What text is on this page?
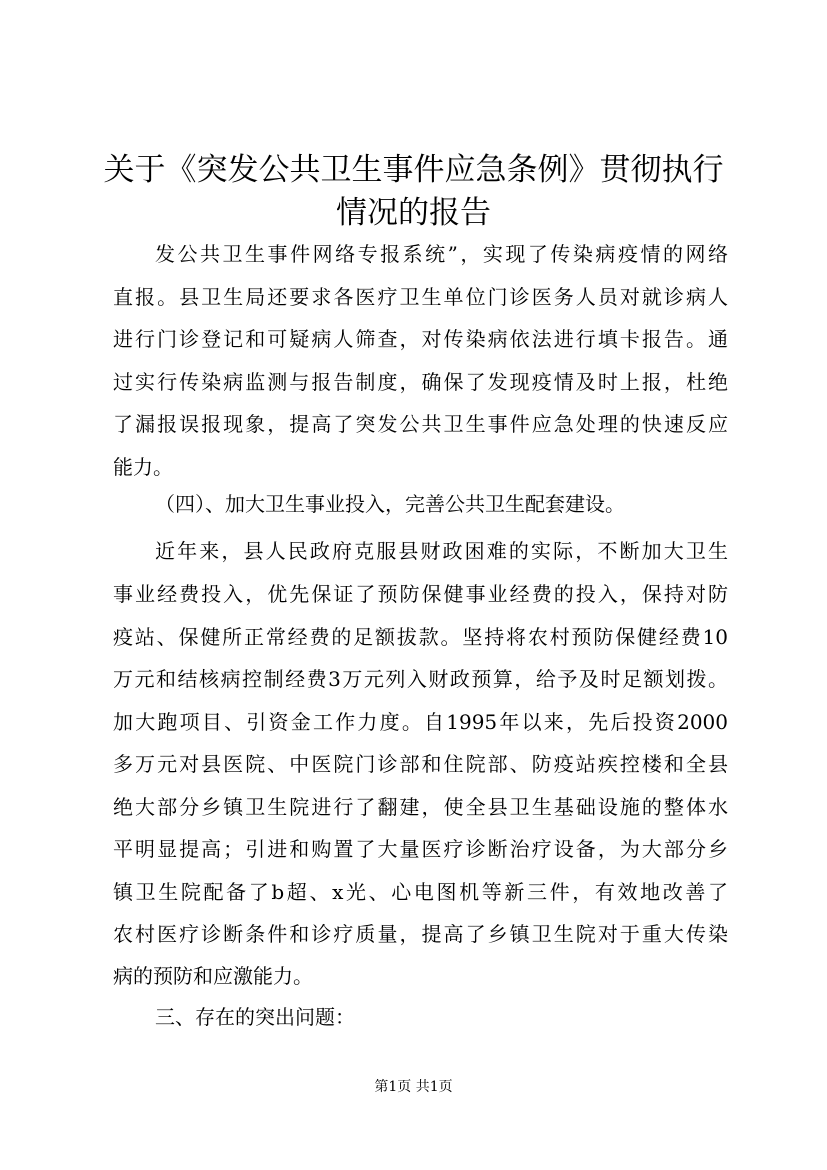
关于《突发公共卫生事件应急条例》贯彻执行
情况的报告
发公共卫生事件网络专报系统”，实现了传染病疫情的网络
直报。县卫生局还要求各医疗卫生单位门诊医务人员对就诊病人
进行门诊登记和可疑病人筛查，对传染病依法进行填卡报告。通
过实行传染病监测与报告制度，确保了发现疫情及时上报，杜绝
了漏报误报现象，提高了突发公共卫生事件应急处理的快速反应
能力。
（四）、加大卫生事业投入，完善公共卫生配套建设。
近年来，县人民政府克服县财政困难的实际，不断加大卫生
事业经费投入，优先保证了预防保健事业经费的投入，保持对防
疫站、保健所正常经费的足额拔款。坚持将农村预防保健经费10
万元和结核病控制经费3万元列入财政预算，给予及时足额划拨。
加大跑项目、引资金工作力度。自1995年以来，先后投资2000
多万元对县医院、中医院门诊部和住院部、防疫站疾控楼和全县
绝大部分乡镇卫生院进行了翻建，使全县卫生基础设施的整体水
平明显提高；引进和购置了大量医疗诊断治疗设备，为大部分乡
镇卫生院配备了b超、x光、心电图机等新三件，有效地改善了
农村医疗诊断条件和诊疗质量，提高了乡镇卫生院对于重大传染
病的预防和应激能力。
三、存在的突出问题：
第1页 共1页
